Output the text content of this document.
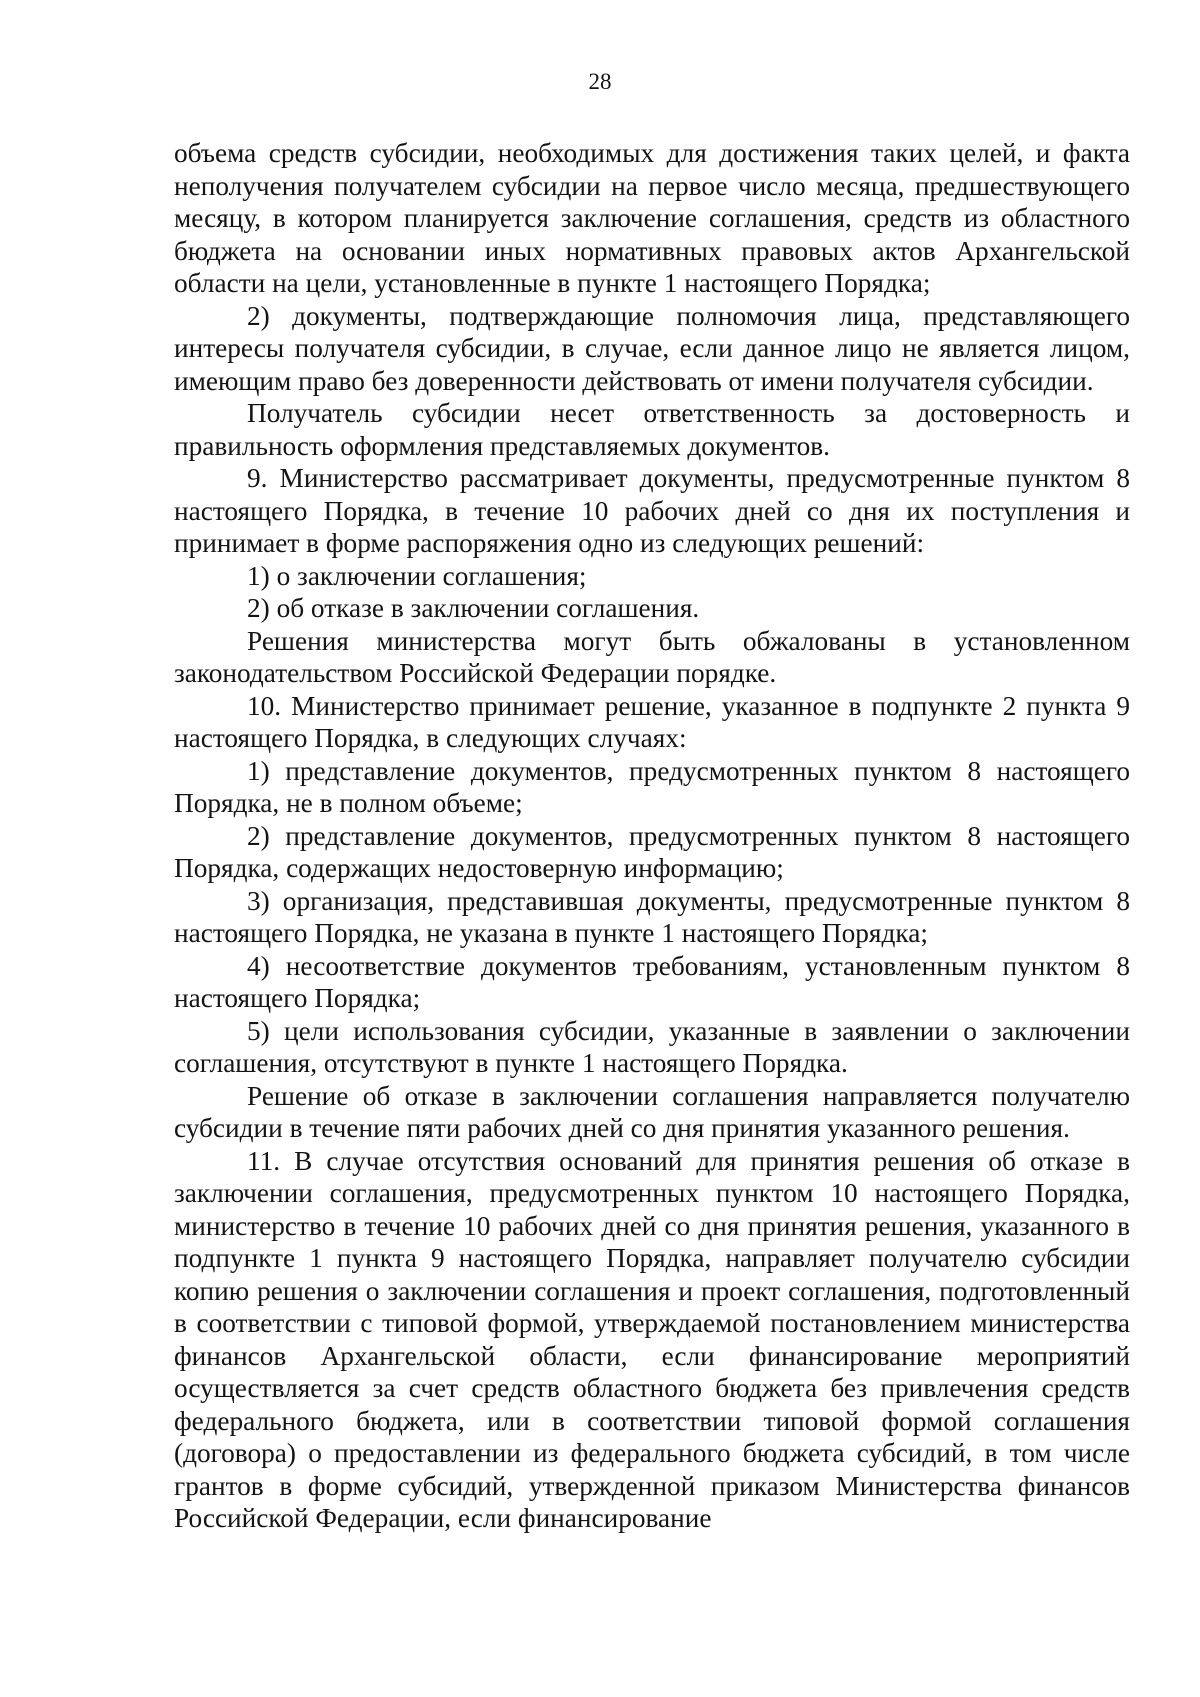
28

объема средств субсидии, необходимых для достижения таких целей, и факта неполучения получателем субсидии на первое число месяца, предшествующего месяцу, в котором планируется заключение соглашения, средств из областного бюджета на основании иных нормативных правовых актов Архангельской области на цели, установленные в пункте 1 настоящего Порядка;

2) документы, подтверждающие полномочия лица, представляющего интересы получателя субсидии, в случае, если данное лицо не является лицом, имеющим право без доверенности действовать от имени получателя субсидии.

Получатель субсидии несет ответственность за достоверность и правильность оформления представляемых документов.

9. Министерство рассматривает документы, предусмотренные пунктом 8 настоящего Порядка, в течение 10 рабочих дней со дня их поступления и принимает в форме распоряжения одно из следующих решений:

1) о заключении соглашения;

2) об отказе в заключении соглашения.

Решения министерства могут быть обжалованы в установленном законодательством Российской Федерации порядке.

10. Министерство принимает решение, указанное в подпункте 2 пункта 9 настоящего Порядка, в следующих случаях:

1) представление документов, предусмотренных пунктом 8 настоящего Порядка, не в полном объеме;

2) представление документов, предусмотренных пунктом 8 настоящего Порядка, содержащих недостоверную информацию;

3) организация, представившая документы, предусмотренные пунктом 8 настоящего Порядка, не указана в пункте 1 настоящего Порядка;

4) несоответствие документов требованиям, установленным пунктом 8 настоящего Порядка;

5) цели использования субсидии, указанные в заявлении о заключении соглашения, отсутствуют в пункте 1 настоящего Порядка.

Решение об отказе в заключении соглашения направляется получателю субсидии в течение пяти рабочих дней со дня принятия указанного решения.

11. В случае отсутствия оснований для принятия решения об отказе в заключении соглашения, предусмотренных пунктом 10 настоящего Порядка, министерство в течение 10 рабочих дней со дня принятия решения, указанного в подпункте 1 пункта 9 настоящего Порядка, направляет получателю субсидии копию решения о заключении соглашения и проект соглашения, подготовленный в соответствии с типовой формой, утверждаемой постановлением министерства финансов Архангельской области, если финансирование мероприятий осуществляется за счет средств областного бюджета без привлечения средств федерального бюджета, или в соответствии типовой формой соглашения (договора) о предоставлении из федерального бюджета субсидий, в том числе грантов в форме субсидий, утвержденной приказом Министерства финансов Российской Федерации, если финансирование
